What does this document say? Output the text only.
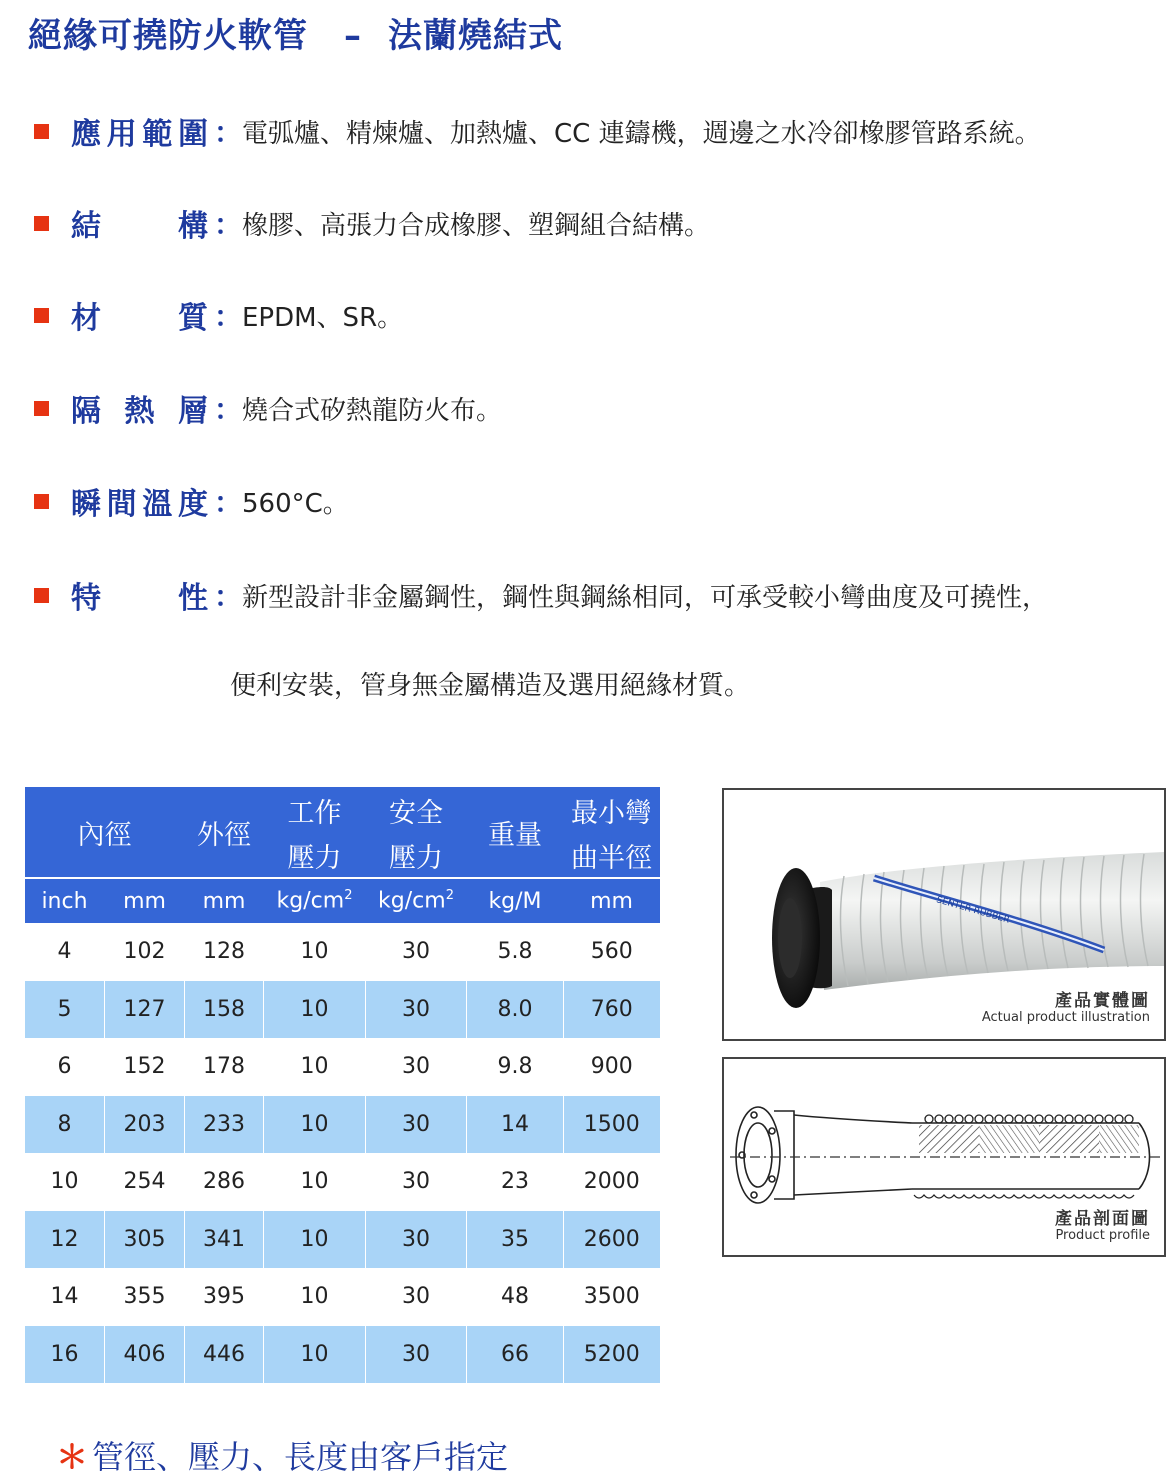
絕緣可撓防火軟管 – 法蘭燒結式
應 用 範 圍 ： 電弧爐、精煉爐、加熱爐、CC 連鑄機，週邊之水冷卻橡膠管路系統。
結	構 ： 橡膠、高張力合成橡膠、塑鋼組合結構。
材	質 ： EPDM、SR。
隔 熱 層 ： 燒合式矽熱龍防火布。
瞬 間 溫 度 ： 560°C。
特	性 ： 新型設計非金屬鋼性，鋼性與鋼絲相同，可承受較小彎曲度及可撓性，
便利安裝，管身無金屬構造及選用絕緣材質。
內徑		外徑	工作	安全	重量	最小彎
			壓力	壓力		曲半徑
inch	mm	mm	$kg/cm^2$	$kg/cm^2$	kg/M	mm
4	102	128	10	30	5.8	560
5	127	158	10	30	8.0	760
6	152	178	10	30	9.8	900
8	203	233	10	30	14	1500
10	254	286	10	30	23	2000
12	305	341	10	30	35	2600
14	355	395	10	30	48	3500
16	406	446	10	30	66	5200
＊ 管徑、壓力、長度由客戶指定
SENTER RUBBER
產品實體圖
Actual product illustration
產品剖面圖
Product profile
